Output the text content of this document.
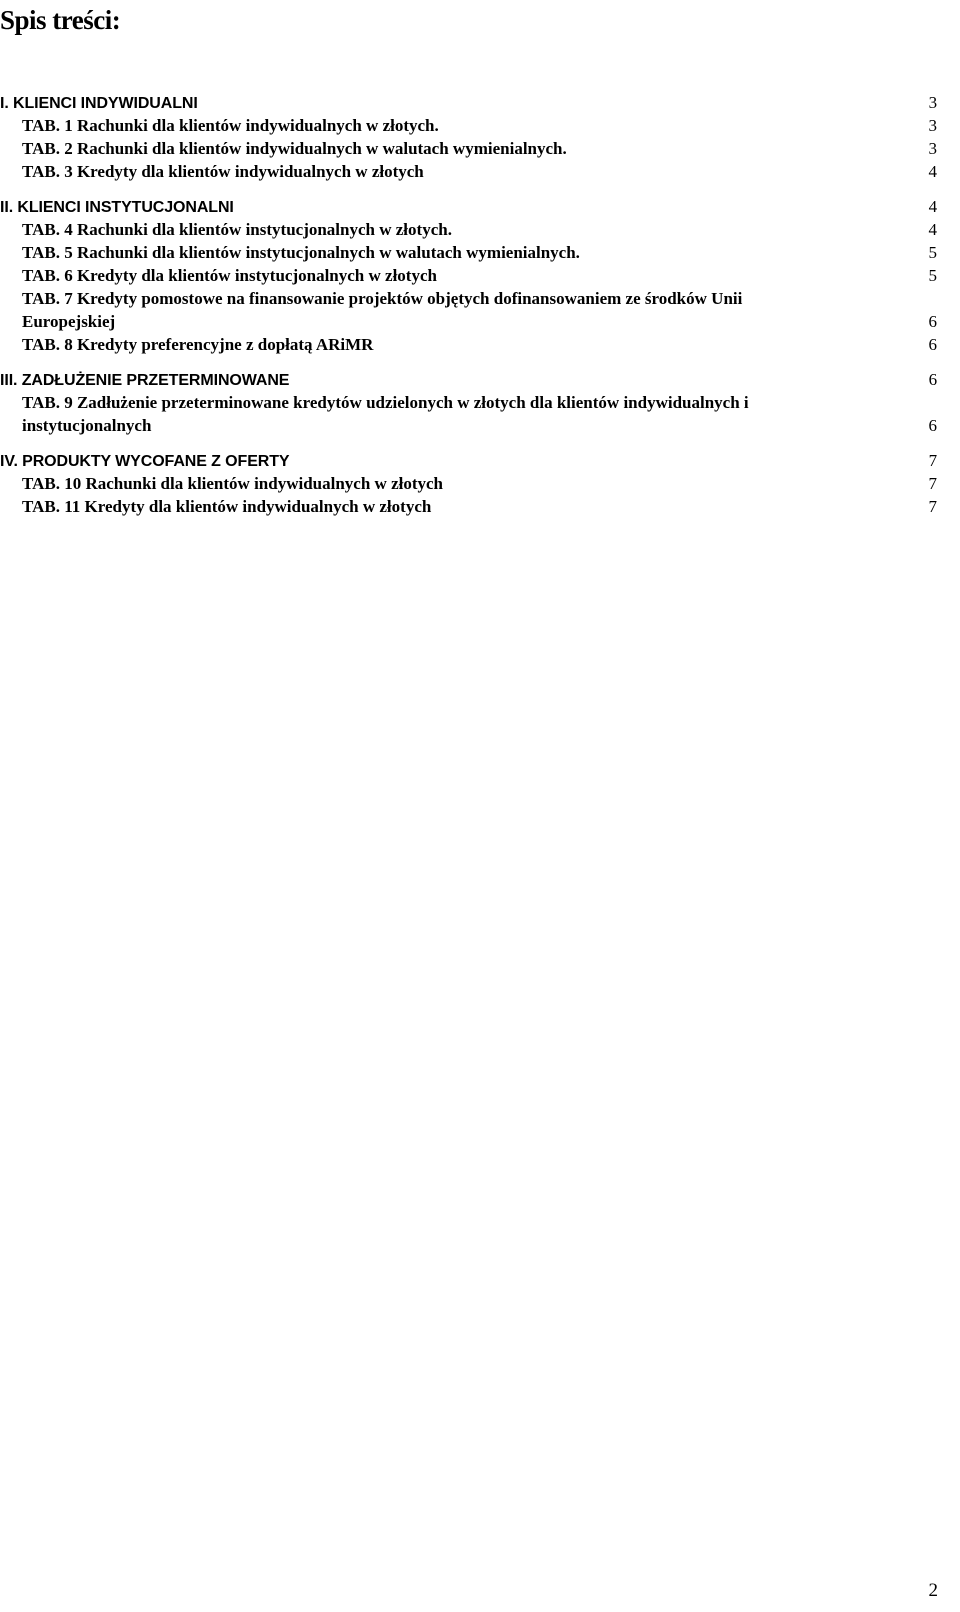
Spis treści:
I. KLIENCI INDYWIDUALNI	3
TAB. 1 Rachunki dla klientów indywidualnych w złotych.	3
TAB. 2 Rachunki dla klientów indywidualnych w walutach wymienialnych.	3
TAB. 3 Kredyty dla klientów indywidualnych w złotych	4
II. KLIENCI INSTYTUCJONALNI	4
TAB. 4 Rachunki dla klientów instytucjonalnych w złotych.	4
TAB. 5 Rachunki dla klientów instytucjonalnych w walutach wymienialnych.	5
TAB. 6 Kredyty dla klientów instytucjonalnych w złotych	5
TAB. 7 Kredyty pomostowe na finansowanie projektów objętych dofinansowaniem ze środków Unii
Europejskiej	6
TAB. 8 Kredyty preferencyjne z dopłatą ARiMR	6
III. ZADŁUŻENIE PRZETERMINOWANE	6
TAB. 9 Zadłużenie przeterminowane kredytów udzielonych w złotych dla klientów indywidualnych i
instytucjonalnych	6
IV. PRODUKTY WYCOFANE Z OFERTY	7
TAB. 10 Rachunki dla klientów indywidualnych w złotych	7
TAB. 11 Kredyty dla klientów indywidualnych w złotych	7
2
